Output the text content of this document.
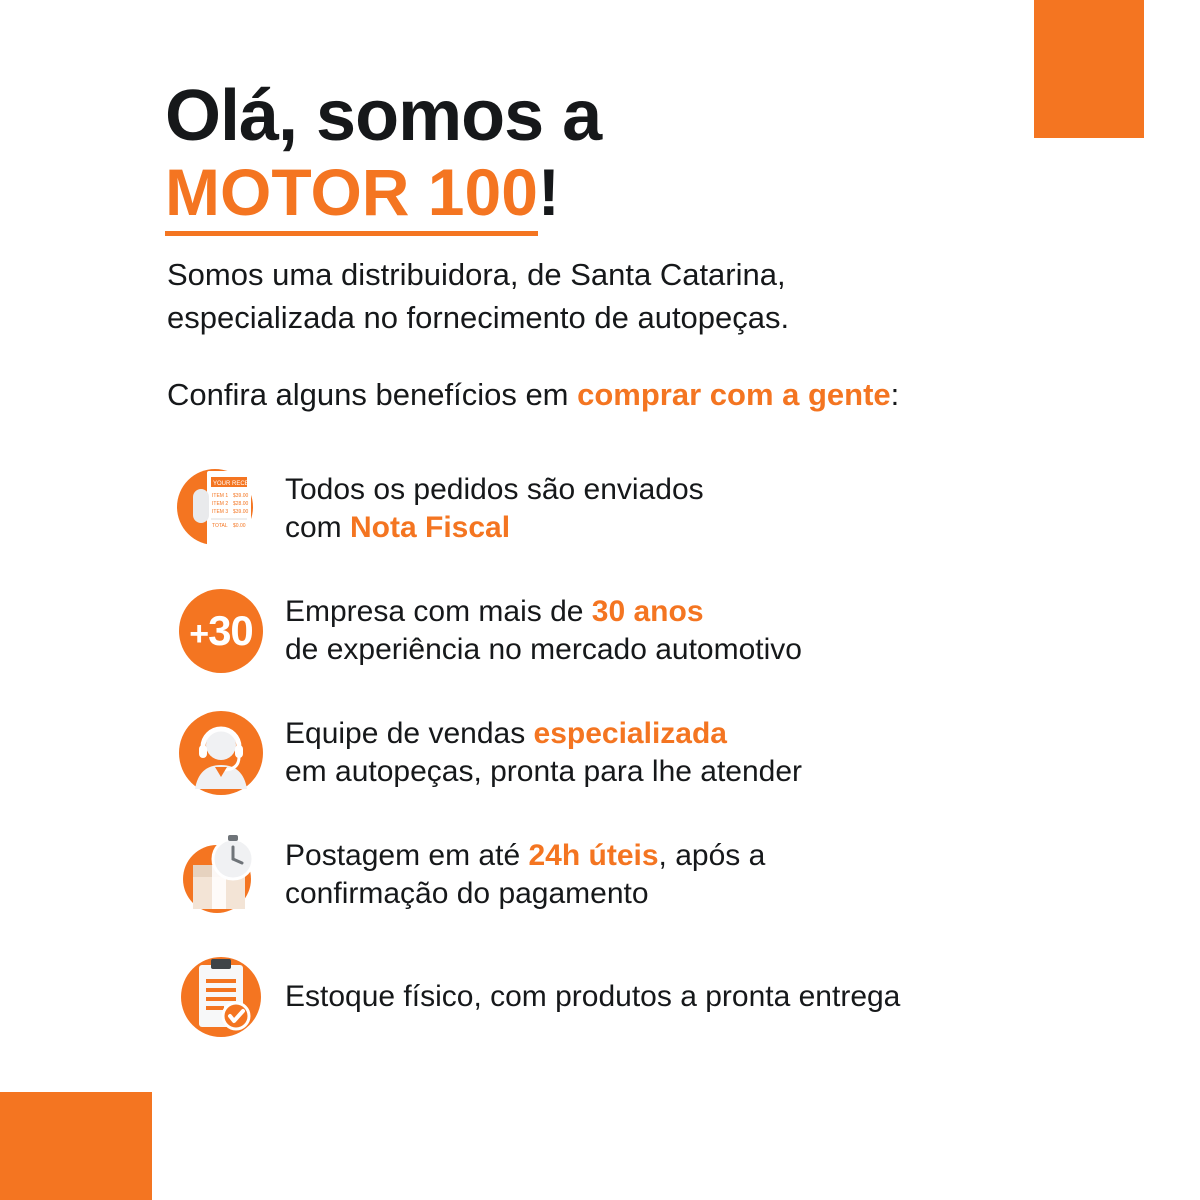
Olá, somos a
MOTOR 100!

Somos uma distribuidora, de Santa Catarina,
especializada no fornecimento de autopeças.

Confira alguns benefícios em comprar com a gente:

YOUR RECEIPT
ITEM 1 $39.00
ITEM 2 $28.00
ITEM 3 $39.00
TOTAL $0.00
Todos os pedidos são enviados
com Nota Fiscal
+30 Empresa com mais de 30 anos
de experiência no mercado automotivo
Equipe de vendas especializada
em autopeças, pronta para lhe atender
Postagem em até 24h úteis, após a
confirmação do pagamento
Estoque físico, com produtos a pronta entrega
